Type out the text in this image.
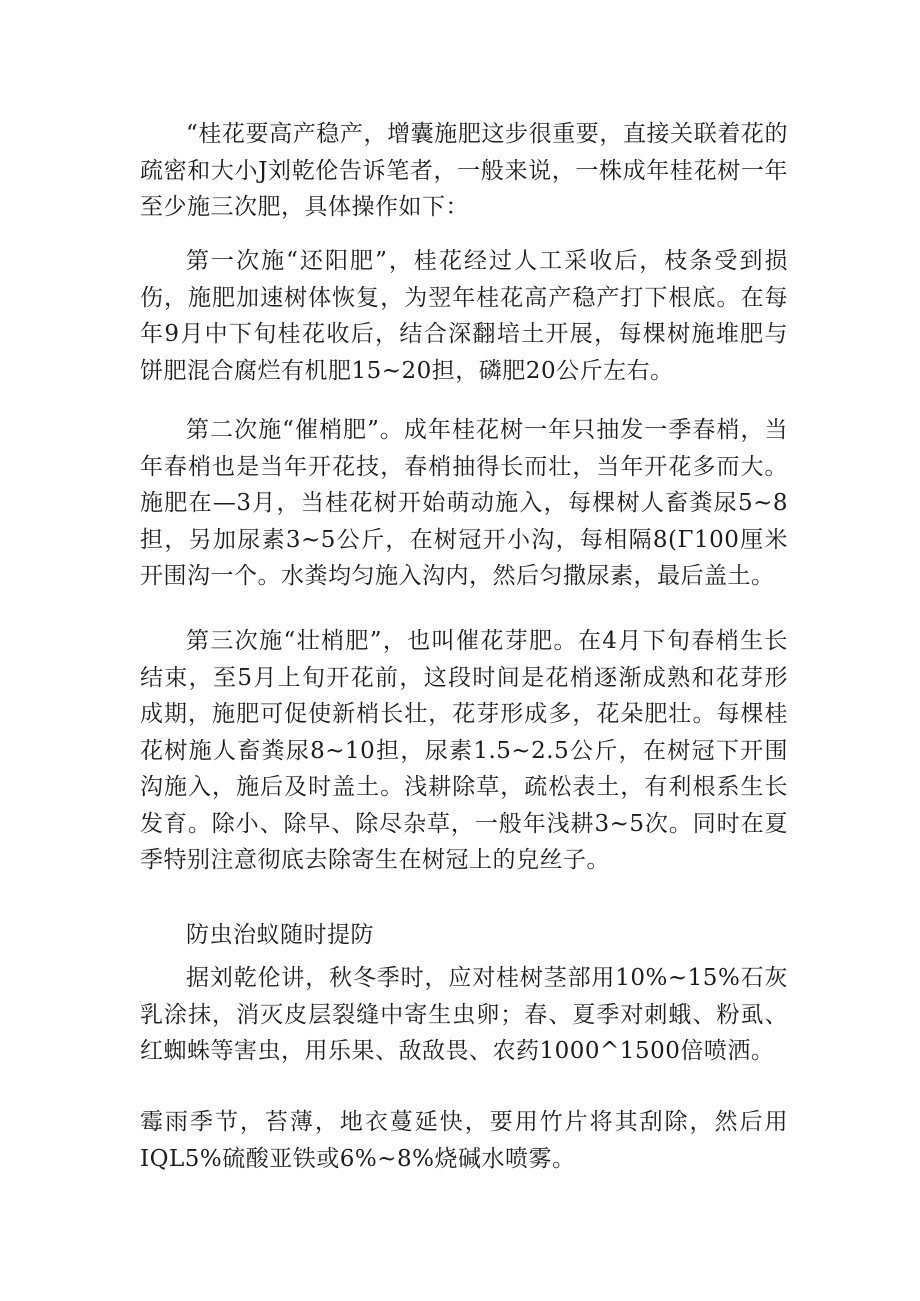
“桂花要高产稳产，增囊施肥这步很重要，直接关联着花的疏密和大小J刘乾伦告诉笔者，一般来说，一株成年桂花树一年至少施三次肥，具体操作如下：

第一次施“还阳肥”，桂花经过人工采收后，枝条受到损伤，施肥加速树体恢复，为翌年桂花高产稳产打下根底。在每年9月中下旬桂花收后，结合深翻培土开展，每棵树施堆肥与饼肥混合腐烂有机肥15~20担，磷肥20公斤左右。

第二次施“催梢肥”。成年桂花树一年只抽发一季春梢，当年春梢也是当年开花技，春梢抽得长而壮，当年开花多而大。施肥在—3月，当桂花树开始萌动施入，每棵树人畜粪尿5~8担，另加尿素3~5公斤，在树冠开小沟，每相隔8(Γ100厘米开围沟一个。水粪均匀施入沟内，然后匀撒尿素，最后盖土。

第三次施“壮梢肥”，也叫催花芽肥。在4月下旬春梢生长结束，至5月上旬开花前，这段时间是花梢逐渐成熟和花芽形成期，施肥可促使新梢长壮，花芽形成多，花朵肥壮。每棵桂花树施人畜粪尿8~10担，尿素1.5~2.5公斤，在树冠下开围沟施入，施后及时盖土。浅耕除草，疏松表土，有利根系生长发育。除小、除早、除尽杂草，一般年浅耕3~5次。同时在夏季特别注意彻底去除寄生在树冠上的皃丝子。

防虫治蚁随时提防

据刘乾伦讲，秋冬季时，应对桂树茎部用10%~15%石灰乳涂抹，消灭皮层裂缝中寄生虫卵；春、夏季对刺蛾、粉虱、红蜘蛛等害虫，用乐果、敌敌畏、农药1000^1500倍喷洒。

霉雨季节，苔薄，地衣蔓延快，要用竹片将其刮除，然后用IQL5%硫酸亚铁或6%~8%烧碱水喷雾。
